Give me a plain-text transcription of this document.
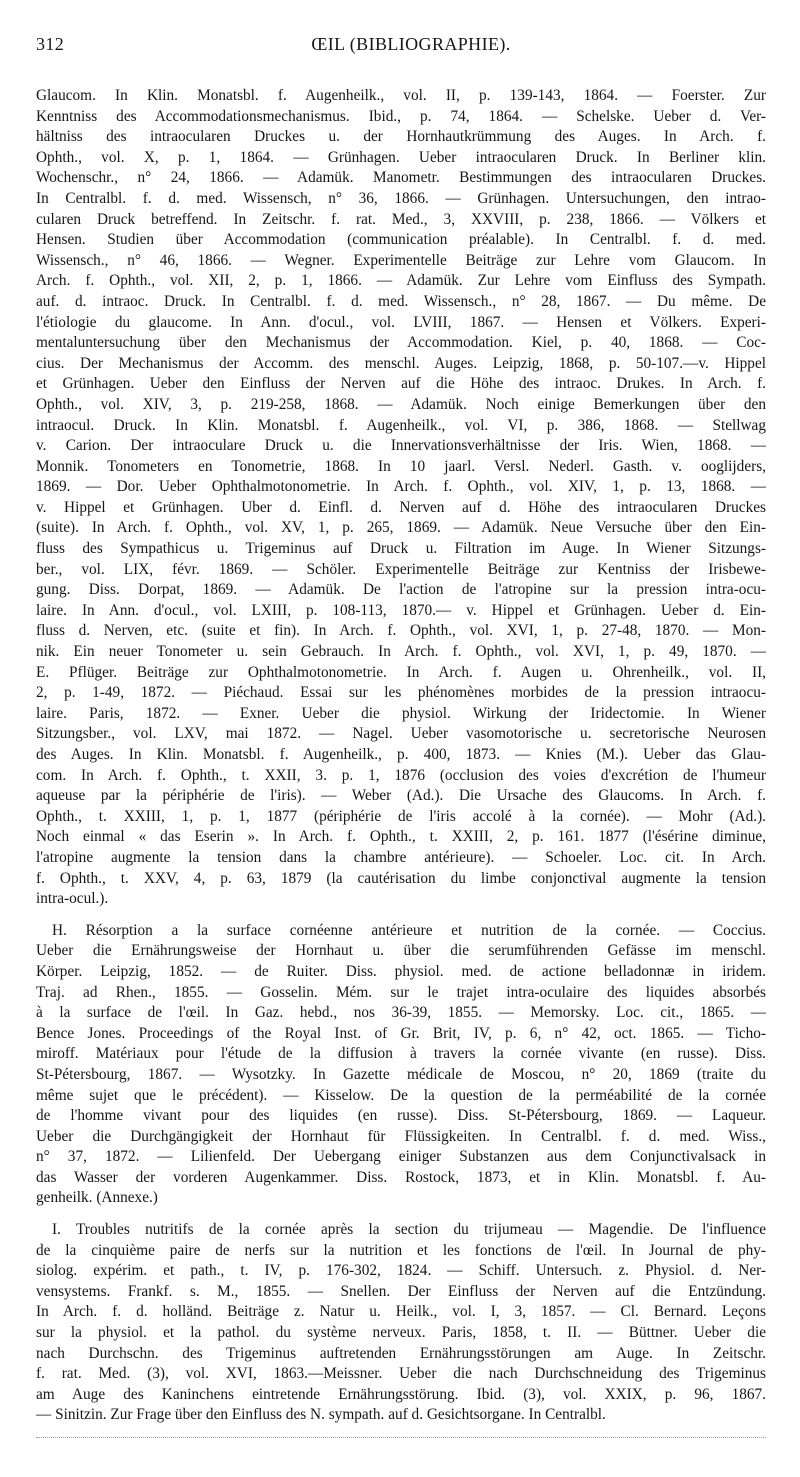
312	ŒIL (BIBLIOGRAPHIE).
Glaucom. In Klin. Monatsbl. f. Augenheilk., vol. II, p. 139-143, 1864. — Foerster. Zur
Kenntniss des Accommodationsmechanismus. Ibid., p. 74, 1864. — Schelske. Ueber d. Ver-
hältniss des intraocularen Druckes u. der Hornhautkrümmung des Auges. In Arch. f.
Ophth., vol. X, p. 1, 1864. — Grünhagen. Ueber intraocularen Druck. In Berliner klin.
Wochenschr., n° 24, 1866. — Adamük. Manometr. Bestimmungen des intraocularen Druckes.
In Centralbl. f. d. med. Wissensch, n° 36, 1866. — Grünhagen. Untersuchungen, den intrao-
cularen Druck betreffend. In Zeitschr. f. rat. Med., 3, XXVIII, p. 238, 1866. — Völkers et
Hensen. Studien über Accommodation (communication préalable). In Centralbl. f. d. med.
Wissensch., n° 46, 1866. — Wegner. Experimentelle Beiträge zur Lehre vom Glaucom. In
Arch. f. Ophth., vol. XII, 2, p. 1, 1866. — Adamük. Zur Lehre vom Einfluss des Sympath.
auf. d. intraoc. Druck. In Centralbl. f. d. med. Wissensch., n° 28, 1867. — Du même. De
l'étiologie du glaucome. In Ann. d'ocul., vol. LVIII, 1867. — Hensen et Völkers. Experi-
mentaluntersuchung über den Mechanismus der Accommodation. Kiel, p. 40, 1868. — Coc-
cius. Der Mechanismus der Accomm. des menschl. Auges. Leipzig, 1868, p. 50-107.—v. Hippel
et Grünhagen. Ueber den Einfluss der Nerven auf die Höhe des intraoc. Drukes. In Arch. f.
Ophth., vol. XIV, 3, p. 219-258, 1868. — Adamük. Noch einige Bemerkungen über den
intraocul. Druck. In Klin. Monatsbl. f. Augenheilk., vol. VI, p. 386, 1868. — Stellwag
v. Carion. Der intraoculare Druck u. die Innervationsverhältnisse der Iris. Wien, 1868. —
Monnik. Tonometers en Tonometrie, 1868. In 10 jaarl. Versl. Nederl. Gasth. v. ooglijders,
1869. — Dor. Ueber Ophthalmotonometrie. In Arch. f. Ophth., vol. XIV, 1, p. 13, 1868. —
v. Hippel et Grünhagen. Uber d. Einfl. d. Nerven auf d. Höhe des intraocularen Druckes
(suite). In Arch. f. Ophth., vol. XV, 1, p. 265, 1869. — Adamük. Neue Versuche über den Ein-
fluss des Sympathicus u. Trigeminus auf Druck u. Filtration im Auge. In Wiener Sitzungs-
ber., vol. LIX, févr. 1869. — Schöler. Experimentelle Beiträge zur Kentniss der Irisbewe-
gung. Diss. Dorpat, 1869. — Adamük. De l'action de l'atropine sur la pression intra-ocu-
laire. In Ann. d'ocul., vol. LXIII, p. 108-113, 1870.— v. Hippel et Grünhagen. Ueber d. Ein-
fluss d. Nerven, etc. (suite et fin). In Arch. f. Ophth., vol. XVI, 1, p. 27-48, 1870. — Mon-
nik. Ein neuer Tonometer u. sein Gebrauch. In Arch. f. Ophth., vol. XVI, 1, p. 49, 1870. —
E. Pflüger. Beiträge zur Ophthalmotonometrie. In Arch. f. Augen u. Ohrenheilk., vol. II,
2, p. 1-49, 1872. — Piéchaud. Essai sur les phénomènes morbides de la pression intraocu-
laire. Paris, 1872. — Exner. Ueber die physiol. Wirkung der Iridectomie. In Wiener
Sitzungsber., vol. LXV, mai 1872. — Nagel. Ueber vasomotorische u. secretorische Neurosen
des Auges. In Klin. Monatsbl. f. Augenheilk., p. 400, 1873. — Knies (M.). Ueber das Glau-
com. In Arch. f. Ophth., t. XXII, 3. p. 1, 1876 (occlusion des voies d'excrétion de l'humeur
aqueuse par la périphérie de l'iris). — Weber (Ad.). Die Ursache des Glaucoms. In Arch. f.
Ophth., t. XXIII, 1, p. 1, 1877 (périphérie de l'iris accolé à la cornée). — Mohr (Ad.).
Noch einmal « das Eserin ». In Arch. f. Ophth., t. XXIII, 2, p. 161. 1877 (l'ésérine diminue,
l'atropine augmente la tension dans la chambre antérieure). — Schoeler. Loc. cit. In Arch.
f. Ophth., t. XXV, 4, p. 63, 1879 (la cautérisation du limbe conjonctival augmente la tension
intra-ocul.).
H. Résorption a la surface cornéenne antérieure et nutrition de la cornée. — Coccius.
Ueber die Ernährungsweise der Hornhaut u. über die serumführenden Gefässe im menschl.
Körper. Leipzig, 1852. — de Ruiter. Diss. physiol. med. de actione belladonnæ in iridem.
Traj. ad Rhen., 1855. — Gosselin. Mém. sur le trajet intra-oculaire des liquides absorbés
à la surface de l'œil. In Gaz. hebd., nos 36-39, 1855. — Memorsky. Loc. cit., 1865. —
Bence Jones. Proceedings of the Royal Inst. of Gr. Brit, IV, p. 6, n° 42, oct. 1865. — Ticho-
miroff. Matériaux pour l'étude de la diffusion à travers la cornée vivante (en russe). Diss.
St-Pétersbourg, 1867. — Wysotzky. In Gazette médicale de Moscou, n° 20, 1869 (traite du
même sujet que le précédent). — Kisselow. De la question de la perméabilité de la cornée
de l'homme vivant pour des liquides (en russe). Diss. St-Pétersbourg, 1869. — Laqueur.
Ueber die Durchgängigkeit der Hornhaut für Flüssigkeiten. In Centralbl. f. d. med. Wiss.,
n° 37, 1872. — Lilienfeld. Der Uebergang einiger Substanzen aus dem Conjunctivalsack in
das Wasser der vorderen Augenkammer. Diss. Rostock, 1873, et in Klin. Monatsbl. f. Au-
genheilk. (Annexe.)
I. Troubles nutritifs de la cornée après la section du trijumeau — Magendie. De l'influence
de la cinquième paire de nerfs sur la nutrition et les fonctions de l'œil. In Journal de phy-
siolog. expérim. et path., t. IV, p. 176-302, 1824. — Schiff. Untersuch. z. Physiol. d. Ner-
vensystems. Frankf. s. M., 1855. — Snellen. Der Einfluss der Nerven auf die Entzündung.
In Arch. f. d. holländ. Beiträge z. Natur u. Heilk., vol. I, 3, 1857. — Cl. Bernard. Leçons
sur la physiol. et la pathol. du système nerveux. Paris, 1858, t. II. — Büttner. Ueber die
nach Durchschn. des Trigeminus auftretenden Ernährungsstörungen am Auge. In Zeitschr.
f. rat. Med. (3), vol. XVI, 1863.—Meissner. Ueber die nach Durchschneidung des Trigeminus
am Auge des Kaninchens eintretende Ernährungsstörung. Ibid. (3), vol. XXIX, p. 96, 1867.
— Sinitzin. Zur Frage über den Einfluss des N. sympath. auf d. Gesichtsorgane. In Centralbl.
